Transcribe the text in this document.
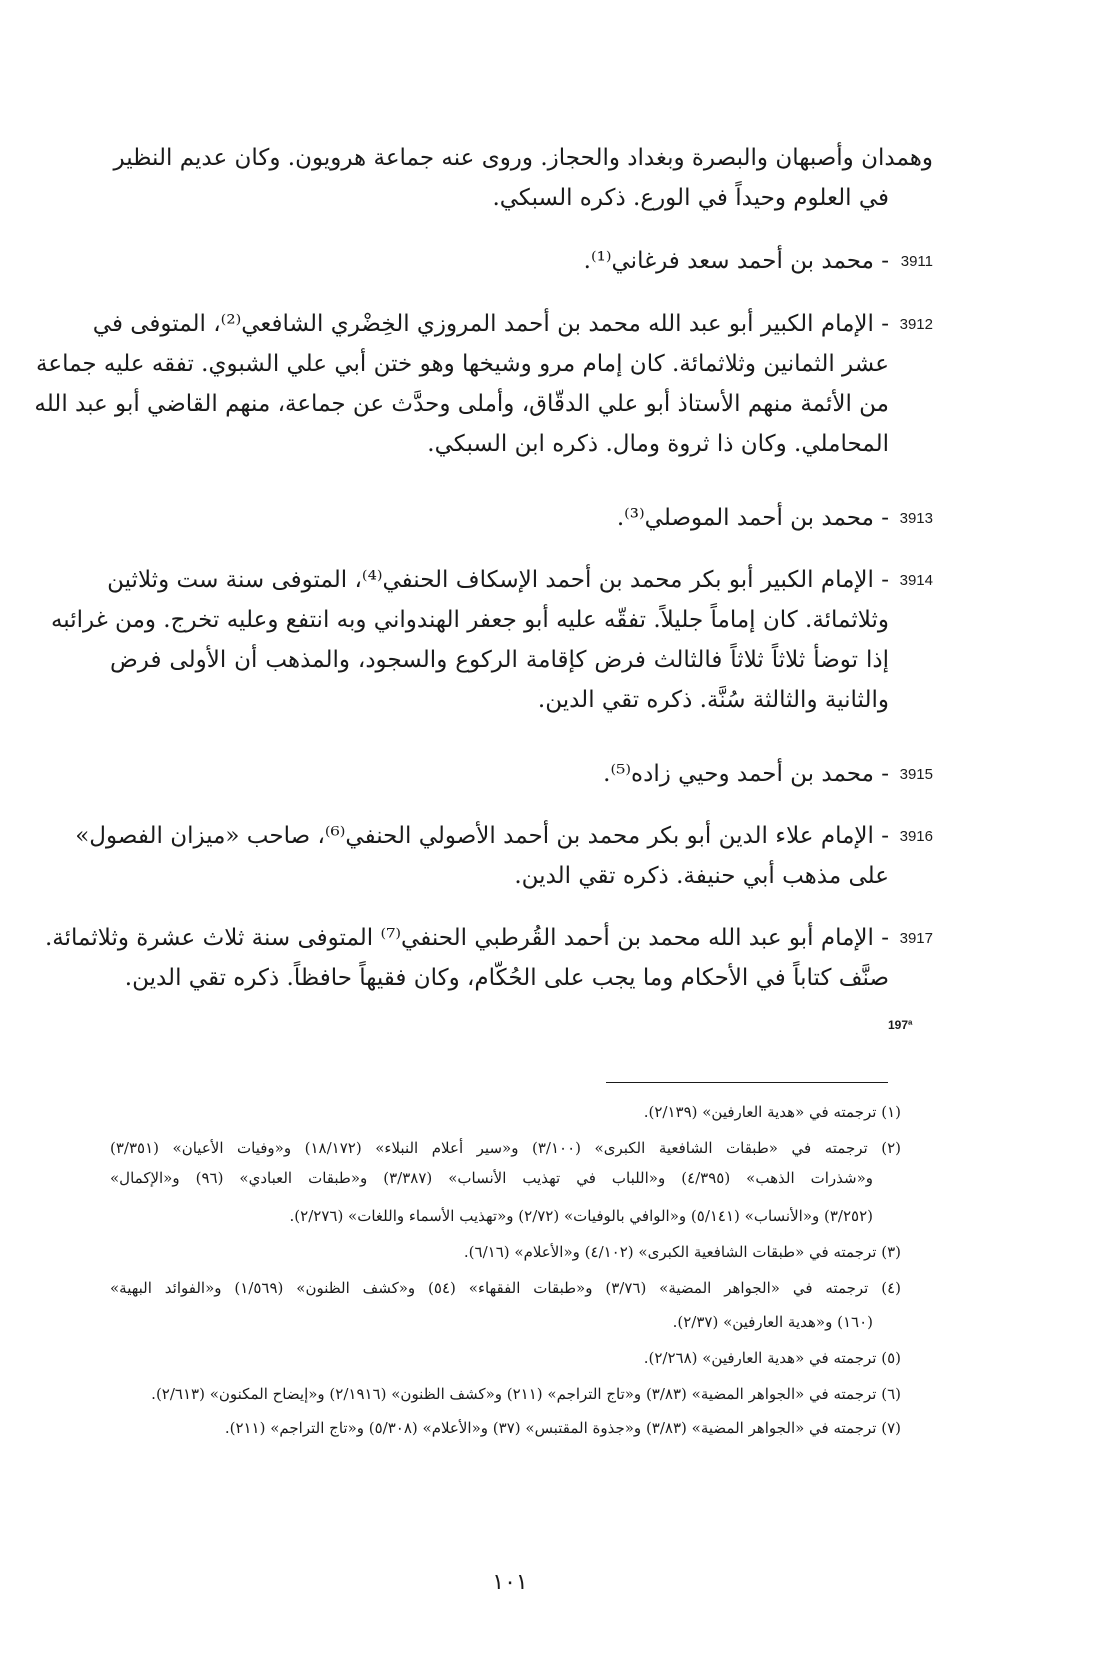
وهمدان وأصبهان والبصرة وبغداد والحجاز. وروى عنه جماعة هرويون. وكان عديم النظير
في العلوم وحيداً في الورع. ذكره السبكي.
3911
- محمد بن أحمد سعد فرغاني⁽¹⁾.
3912
- الإمام الكبير أبو عبد الله محمد بن أحمد المروزي الخِضْري الشافعي⁽²⁾، المتوفى في
عشر الثمانين وثلاثمائة. كان إمام مرو وشيخها وهو ختن أبي علي الشبوي. تفقه عليه جماعة
من الأئمة منهم الأستاذ أبو علي الدقّاق، وأملى وحدَّث عن جماعة، منهم القاضي أبو عبد الله
المحاملي. وكان ذا ثروة ومال. ذكره ابن السبكي.
3913
- محمد بن أحمد الموصلي⁽³⁾.
3914
- الإمام الكبير أبو بكر محمد بن أحمد الإسكاف الحنفي⁽⁴⁾، المتوفى سنة ست وثلاثين
وثلاثمائة. كان إماماً جليلاً. تفقّه عليه أبو جعفر الهندواني وبه انتفع وعليه تخرج. ومن غرائبه
إذا توضأ ثلاثاً ثلاثاً فالثالث فرض كإقامة الركوع والسجود، والمذهب أن الأولى فرض
والثانية والثالثة سُنَّة. ذكره تقي الدين.
3915
- محمد بن أحمد وحيي زاده⁽⁵⁾.
3916
- الإمام علاء الدين أبو بكر محمد بن أحمد الأصولي الحنفي⁽⁶⁾، صاحب «ميزان الفصول»
على مذهب أبي حنيفة. ذكره تقي الدين.
3917
- الإمام أبو عبد الله محمد بن أحمد القُرطبي الحنفي⁽⁷⁾ المتوفى سنة ثلاث عشرة وثلاثمائة.
صنَّف كتاباً في الأحكام وما يجب على الحُكّام، وكان فقيهاً حافظاً. ذكره تقي الدين.
197ª
(١) ترجمته في «هدية العارفين» (٢/١٣٩).
(٢) ترجمته في «طبقات الشافعية الكبرى» (٣/١٠٠) و«سير أعلام النبلاء» (١٨/١٧٢) و«وفيات الأعيان» (٣/٣٥١)
و«شذرات الذهب» (٤/٣٩٥) و«اللباب في تهذيب الأنساب» (٣/٣٨٧) و«طبقات العبادي» (٩٦) و«الإكمال»
(٣/٢٥٢) و«الأنساب» (٥/١٤١) و«الوافي بالوفيات» (٢/٧٢) و«تهذيب الأسماء واللغات» (٢/٢٧٦).
(٣) ترجمته في «طبقات الشافعية الكبرى» (٤/١٠٢) و«الأعلام» (٦/١٦).
(٤) ترجمته في «الجواهر المضية» (٣/٧٦) و«طبقات الفقهاء» (٥٤) و«كشف الظنون» (١/٥٦٩) و«الفوائد البهية»
(١٦٠) و«هدية العارفين» (٢/٣٧).
(٥) ترجمته في «هدية العارفين» (٢/٢٦٨).
(٦) ترجمته في «الجواهر المضية» (٣/٨٣) و«تاج التراجم» (٢١١) و«كشف الظنون» (٢/١٩١٦) و«إيضاح المكنون» (٢/٦١٣).
(٧) ترجمته في «الجواهر المضية» (٣/٨٣) و«جذوة المقتبس» (٣٧) و«الأعلام» (٥/٣٠٨) و«تاج التراجم» (٢١١).
١٠١
